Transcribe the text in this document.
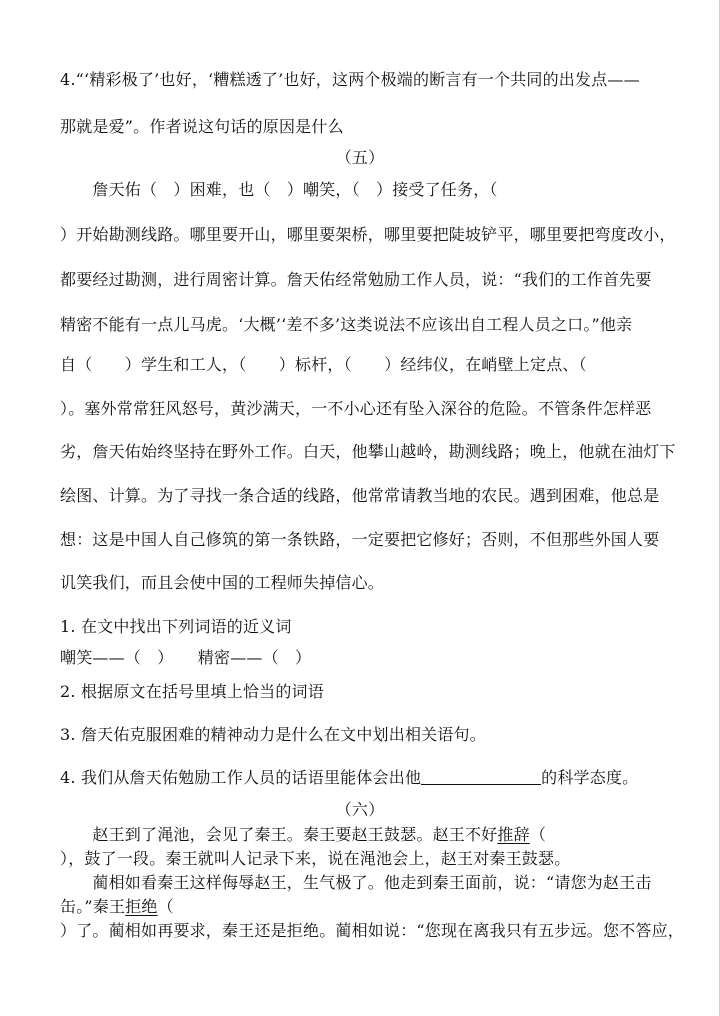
4.“‘精彩极了’也好，‘糟糕透了’也好，这两个极端的断言有一个共同的出发点——
那就是爱”。作者说这句话的原因是什么
（五）
　　詹天佑（　）困难，也（　）嘲笑，（　）接受了任务，（
）开始勘测线路。哪里要开山，哪里要架桥，哪里要把陡坡铲平，哪里要把弯度改小，
都要经过勘测，进行周密计算。詹天佑经常勉励工作人员，说：“我们的工作首先要
精密不能有一点儿马虎。‘大概’‘差不多’这类说法不应该出自工程人员之口。”他亲
自（　　）学生和工人，（　　）标杆，（　　）经纬仪，在峭壁上定点、（
）。塞外常常狂风怒号，黄沙满天，一不小心还有坠入深谷的危险。不管条件怎样恶
劣，詹天佑始终坚持在野外工作。白天，他攀山越岭，勘测线路；晚上，他就在油灯下
绘图、计算。为了寻找一条合适的线路，他常常请教当地的农民。遇到困难，他总是
想：这是中国人自己修筑的第一条铁路，一定要把它修好；否则，不但那些外国人要
讥笑我们，而且会使中国的工程师失掉信心。
1. 在文中找出下列词语的近义词
嘲笑——（　）　　精密——（　）
2. 根据原文在括号里填上恰当的词语
3. 詹天佑克服困难的精神动力是什么在文中划出相关语句。
4. 我们从詹天佑勉励工作人员的话语里能体会出他	的科学态度。
（六）
　　赵王到了渑池，会见了秦王。秦王要赵王鼓瑟。赵王不好推辞（
），鼓了一段。秦王就叫人记录下来，说在渑池会上，赵王对秦王鼓瑟。
　　蔺相如看秦王这样侮辱赵王，生气极了。他走到秦王面前，说：“请您为赵王击
缶。”秦王拒绝（
）了。蔺相如再要求，秦王还是拒绝。蔺相如说：“您现在离我只有五步远。您不答应，
